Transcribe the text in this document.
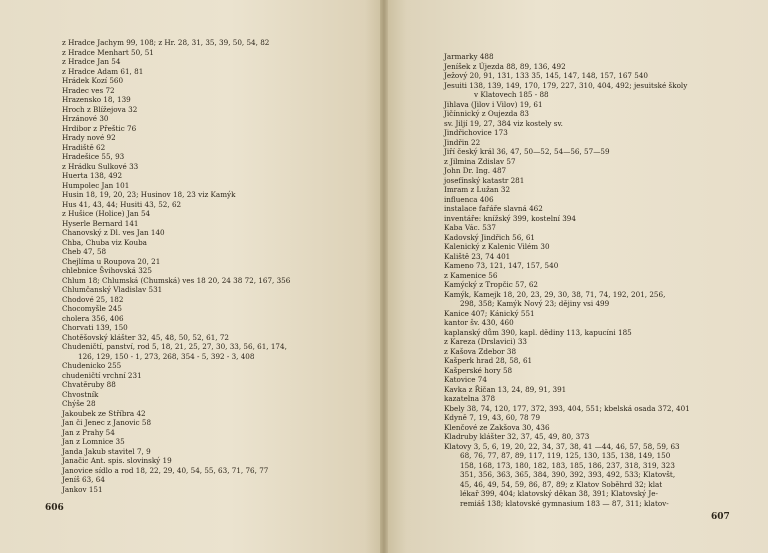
z Hradce Jachym 99, 108; z Hr. 28, 31, 35, 39, 50, 54, 82
z Hradce Menhart 50, 51
z Hradce Jan 54
z Hradce Adam 61, 81
Hrádek Kozí 560
Hradec ves 72
Hrazensko 18, 139
Hroch z Blížejova 32
Hrzánové 30
Hrdibor z Přeštic 76
Hrady nové 92
Hradiště 62
Hradešice 55, 93
z Hrádku Sulkové 33
Huerta 138, 492
Humpolec Jan 101
Husin 18, 19, 20, 23; Husinov 18, 23 viz Kamýk
Hus 41, 43, 44; Husiti 43, 52, 62
z Hušice (Holice) Jan 54
Hyserle Bernard 141
Chanovský z Dl. ves Jan 140
Chba, Chuba viz Kouba
Cheb 47, 58
Chejlíma u Roupova 20, 21
chlebnice Švihovská 325
Chlum 18; Chlumská (Chumská) ves 18 20, 24 38 72, 167, 356
Chlumčanský Vladislav 531
Chodové 25, 182
Chocomyšle 245
cholera 356, 406
Chorvati 139, 150
Chotěšovský klášter 32, 45, 48, 50, 52, 61, 72
Chudeničtí, panství, rod 5, 18, 21, 25, 27, 30, 33, 56, 61, 174,
126, 129, 150 - 1, 273, 268, 354 - 5, 392 - 3, 408
Chudenicko 255
chudeničtí vrchní 231
Chvatěruby 88
Chvostník
Chýše 28
Jakoubek ze Stříbra 42
Jan či Jenec z Janovic 58
Jan z Prahy 54
Jan z Lomnice 35
Janda Jakub stavitel 7, 9
Janačic Ant. spis. slovinský 19
Janovice sídlo a rod 18, 22, 29, 40, 54, 55, 63, 71, 76, 77
Jeníš 63, 64
Jankov 151
606
Jarmarky 488
Jeníšek z Újezda 88, 89, 136, 492
Ježový 20, 91, 131, 133 35, 145, 147, 148, 157, 167 540
Jesuiti 138, 139, 149, 170, 179, 227, 310, 404, 492; jesuitské školy
v Klatovech 185 - 88
Jihlava (Jilov i Vilov) 19, 61
Jičínnický z Oujezda 83
sv. Jiljí 19, 27, 384 viz kostely sv.
Jindřichovice 173
Jindřin 22
Jiří český král 36, 47, 50—52, 54—56, 57—59
z Jilmina Zdislav 57
John Dr. Ing. 487
josefínský katastr 281
Imram z Lužan 32
influenca 406
instalace fařáře slavná 462
inventáře: knížský 399, kostelní 394
Kaba Vác. 537
Kadovský Jindřich 56, 61
Kalenický z Kalenic Vilém 30
Kaliště 23, 74 401
Kameno 73, 121, 147, 157, 540
z Kamenice 56
Kamýcký z Tropčic 57, 62
Kamýk, Kamejk 18, 20, 23, 29, 30, 38, 71, 74, 192, 201, 256,
298, 358; Kamýk Nový 23; dějiny vsi 499
Kanice 407; Kánický 551
kantor šv. 430, 460
kaplanský dům 390, kapl. dědiny 113, kapucíni 185
z Kareza (Drslavici) 33
z Kašova Zdebor 38
Kašperk hrad 28, 58, 61
Kašperské hory 58
Katovice 74
Kavka z Říčan 13, 24, 89, 91, 391
kazatelna 378
Kbely 38, 74, 120, 177, 372, 393, 404, 551; kbelská osada 372, 401
Kdyně 7, 19, 43, 60, 78 79
Klenčové ze Zakšova 30, 436
Kladruby klášter 32, 37, 45, 49, 80, 373
Klatovy 3, 5, 6, 19, 20, 22, 34, 37, 38, 41 —44, 46, 57, 58, 59, 63
68, 76, 77, 87, 89, 117, 119, 125, 130, 135, 138, 149, 150
158, 168, 173, 180, 182, 183, 185, 186, 237, 318, 319, 323
351, 356, 363, 365, 384, 390, 392, 393, 492, 533; Klatovšt,
45, 46, 49, 54, 59, 86, 87, 89; z Klatov Soběhrd 32; klat
lékař 399, 404; klatovský děkan 38, 391; Klatovský Je-
remiáš 138; klatovské gymnasium 183 — 87, 311; klatov-
607
